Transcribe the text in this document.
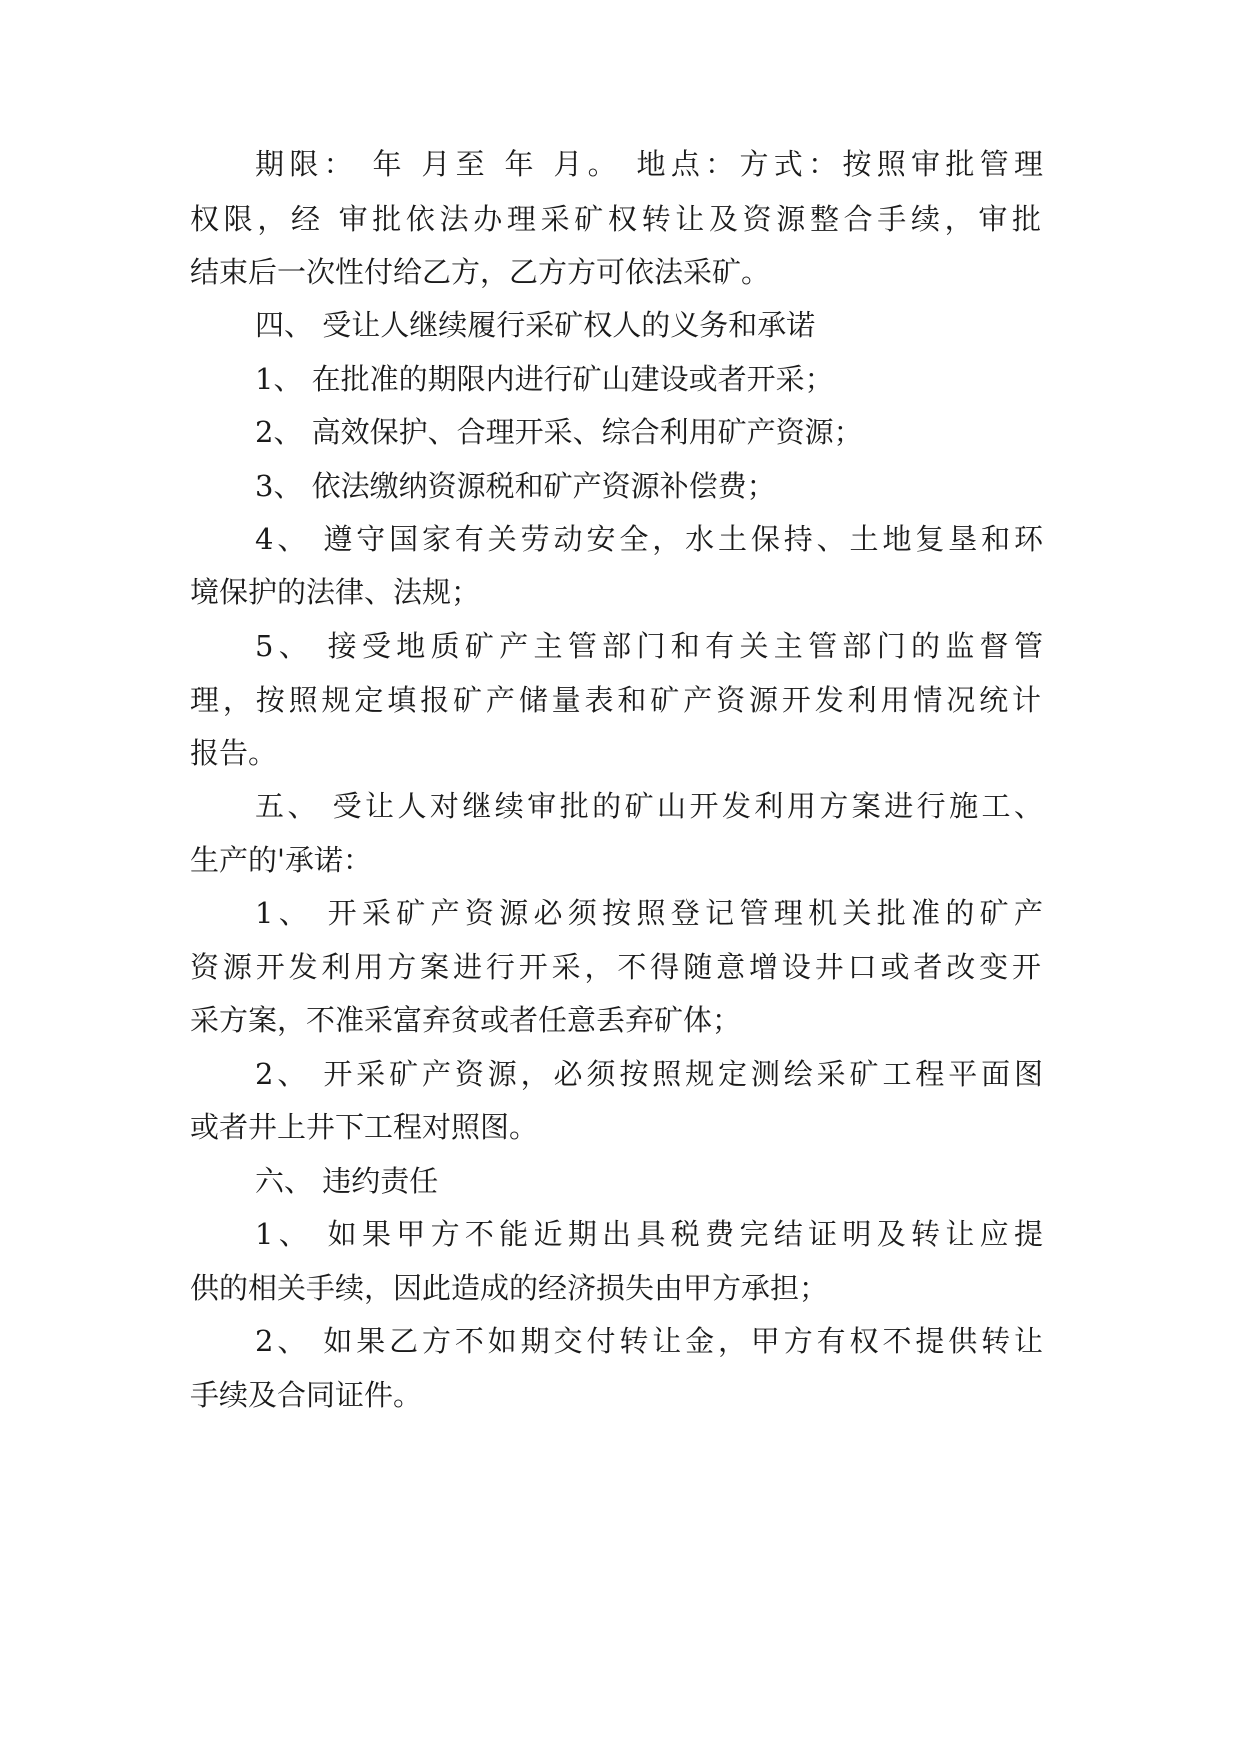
期限： 年 月至 年 月。 地点：方式：按照审批管理
权限，经 审批依法办理采矿权转让及资源整合手续，审批
结束后一次性付给乙方，乙方方可依法采矿。
四、 受让人继续履行采矿权人的义务和承诺
1、 在批准的期限内进行矿山建设或者开采；
2、 高效保护、合理开采、综合利用矿产资源；
3、 依法缴纳资源税和矿产资源补偿费；
4、 遵守国家有关劳动安全，水土保持、土地复垦和环
境保护的法律、法规；
5、 接受地质矿产主管部门和有关主管部门的监督管
理，按照规定填报矿产储量表和矿产资源开发利用情况统计
报告。
五、 受让人对继续审批的矿山开发利用方案进行施工、
生产的'承诺：
1、 开采矿产资源必须按照登记管理机关批准的矿产
资源开发利用方案进行开采，不得随意增设井口或者改变开
采方案，不准采富弃贫或者任意丢弃矿体；
2、 开采矿产资源，必须按照规定测绘采矿工程平面图
或者井上井下工程对照图。
六、 违约责任
1、 如果甲方不能近期出具税费完结证明及转让应提
供的相关手续，因此造成的经济损失由甲方承担；
2、 如果乙方不如期交付转让金，甲方有权不提供转让
手续及合同证件。
